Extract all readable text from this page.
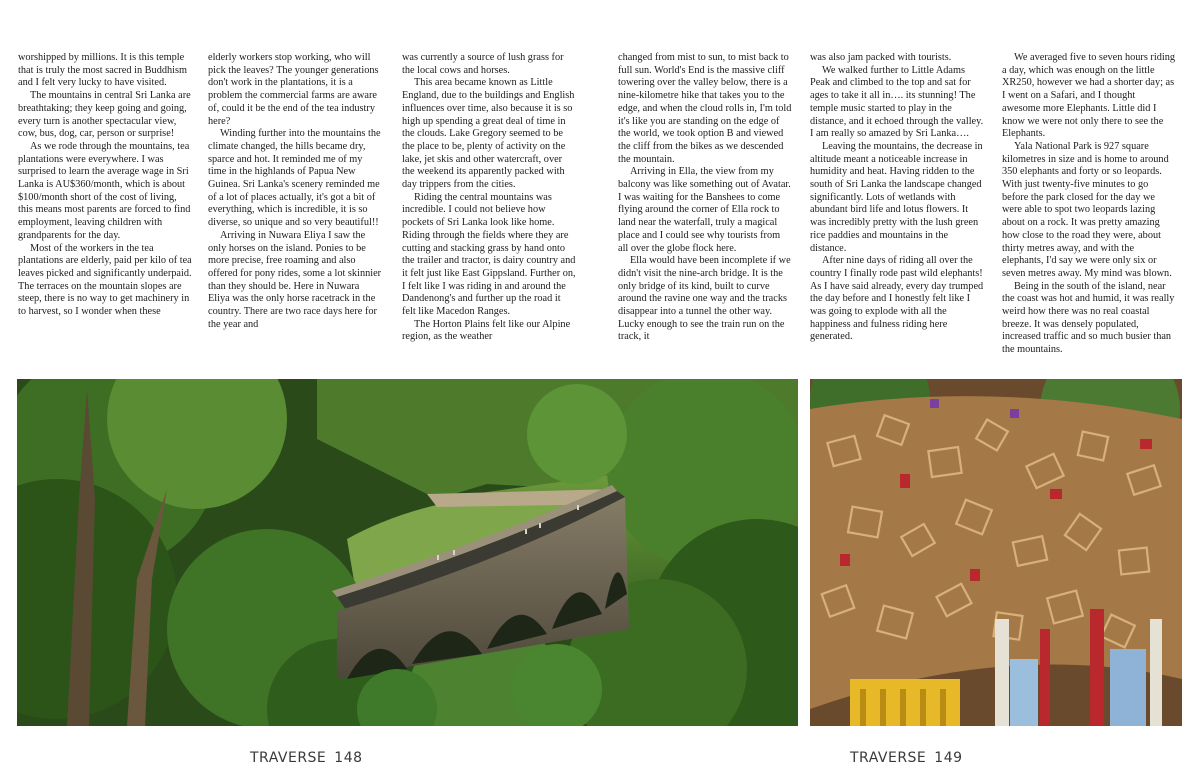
worshipped by millions. It is this temple that is truly the most sacred in Buddhism and I felt very lucky to have visited.

The mountains in central Sri Lanka are breathtaking; they keep going and going, every turn is another spectacular view, cow, bus, dog, car, person or surprise!

As we rode through the mountains, tea plantations were everywhere. I was surprised to learn the average wage in Sri Lanka is AU$360/month, which is about $100/month short of the cost of living, this means most parents are forced to find employment, leaving children with grandparents for the day.

Most of the workers in the tea plantations are elderly, paid per kilo of tea leaves picked and significantly underpaid. The terraces on the mountain slopes are steep, there is no way to get machinery in to harvest, so I wonder when these

elderly workers stop working, who will pick the leaves? The younger generations don't work in the plantations, it is a problem the commercial farms are aware of, could it be the end of the tea industry here?

Winding further into the mountains the climate changed, the hills became dry, sparce and hot. It reminded me of my time in the highlands of Papua New Guinea. Sri Lanka's scenery reminded me of a lot of places actually, it's got a bit of everything, which is incredible, it is so diverse, so unique and so very beautiful!!

Arriving in Nuwara Eliya I saw the only horses on the island. Ponies to be more precise, free roaming and also offered for pony rides, some a lot skinnier than they should be. Here in Nuwara Eliya was the only horse racetrack in the country. There are two race days here for the year and

was currently a source of lush grass for the local cows and horses.

This area became known as Little England, due to the buildings and English influences over time, also because it is so high up spending a great deal of time in the clouds. Lake Gregory seemed to be the place to be, plenty of activity on the lake, jet skis and other watercraft, over the weekend its apparently packed with day trippers from the cities.

Riding the central mountains was incredible. I could not believe how pockets of Sri Lanka look like home. Riding through the fields where they are cutting and stacking grass by hand onto the trailer and tractor, is dairy country and it felt just like East Gippsland. Further on, I felt like I was riding in and around the Dandenong's and further up the road it felt like Macedon Ranges.

The Horton Plains felt like our Alpine region, as the weather

changed from mist to sun, to mist back to full sun. World's End is the massive cliff towering over the valley below, there is a nine-kilometre hike that takes you to the edge, and when the cloud rolls in, I'm told it's like you are standing on the edge of the world, we took option B and viewed the cliff from the bikes as we descended the mountain.

Arriving in Ella, the view from my balcony was like something out of Avatar. I was waiting for the Banshees to come flying around the corner of Ella rock to land near the waterfall, truly a magical place and I could see why tourists from all over the globe flock here.

Ella would have been incomplete if we didn't visit the nine-arch bridge. It is the only bridge of its kind, built to curve around the ravine one way and the tracks disappear into a tunnel the other way. Lucky enough to see the train run on the track, it

was also jam packed with tourists.

We walked further to Little Adams Peak and climbed to the top and sat for ages to take it all in…. its stunning! The temple music started to play in the distance, and it echoed through the valley. I am really so amazed by Sri Lanka….

Leaving the mountains, the decrease in altitude meant a noticeable increase in humidity and heat. Having ridden to the south of Sri Lanka the landscape changed significantly. Lots of wetlands with abundant bird life and lotus flowers. It was incredibly pretty with the lush green rice paddies and mountains in the distance.

After nine days of riding all over the country I finally rode past wild elephants! As I have said already, every day trumped the day before and I honestly felt like I was going to explode with all the happiness and fulness riding here generated.

We averaged five to seven hours riding a day, which was enough on the little XR250, however we had a shorter day; as I went on a Safari, and I thought awesome more Elephants. Little did I know we were not only there to see the Elephants.

Yala National Park is 927 square kilometres in size and is home to around 350 elephants and forty or so leopards. With just twenty-five minutes to go before the park closed for the day we were able to spot two leopards lazing about on a rock. It was pretty amazing how close to the road they were, about thirty metres away, and with the elephants, I'd say we were only six or seven metres away. My mind was blown.

Being in the south of the island, near the coast was hot and humid, it was really weird how there was no real coastal breeze. It was densely populated, increased traffic and so much busier than the mountains.

TRAVERSE 148	TRAVERSE 149
